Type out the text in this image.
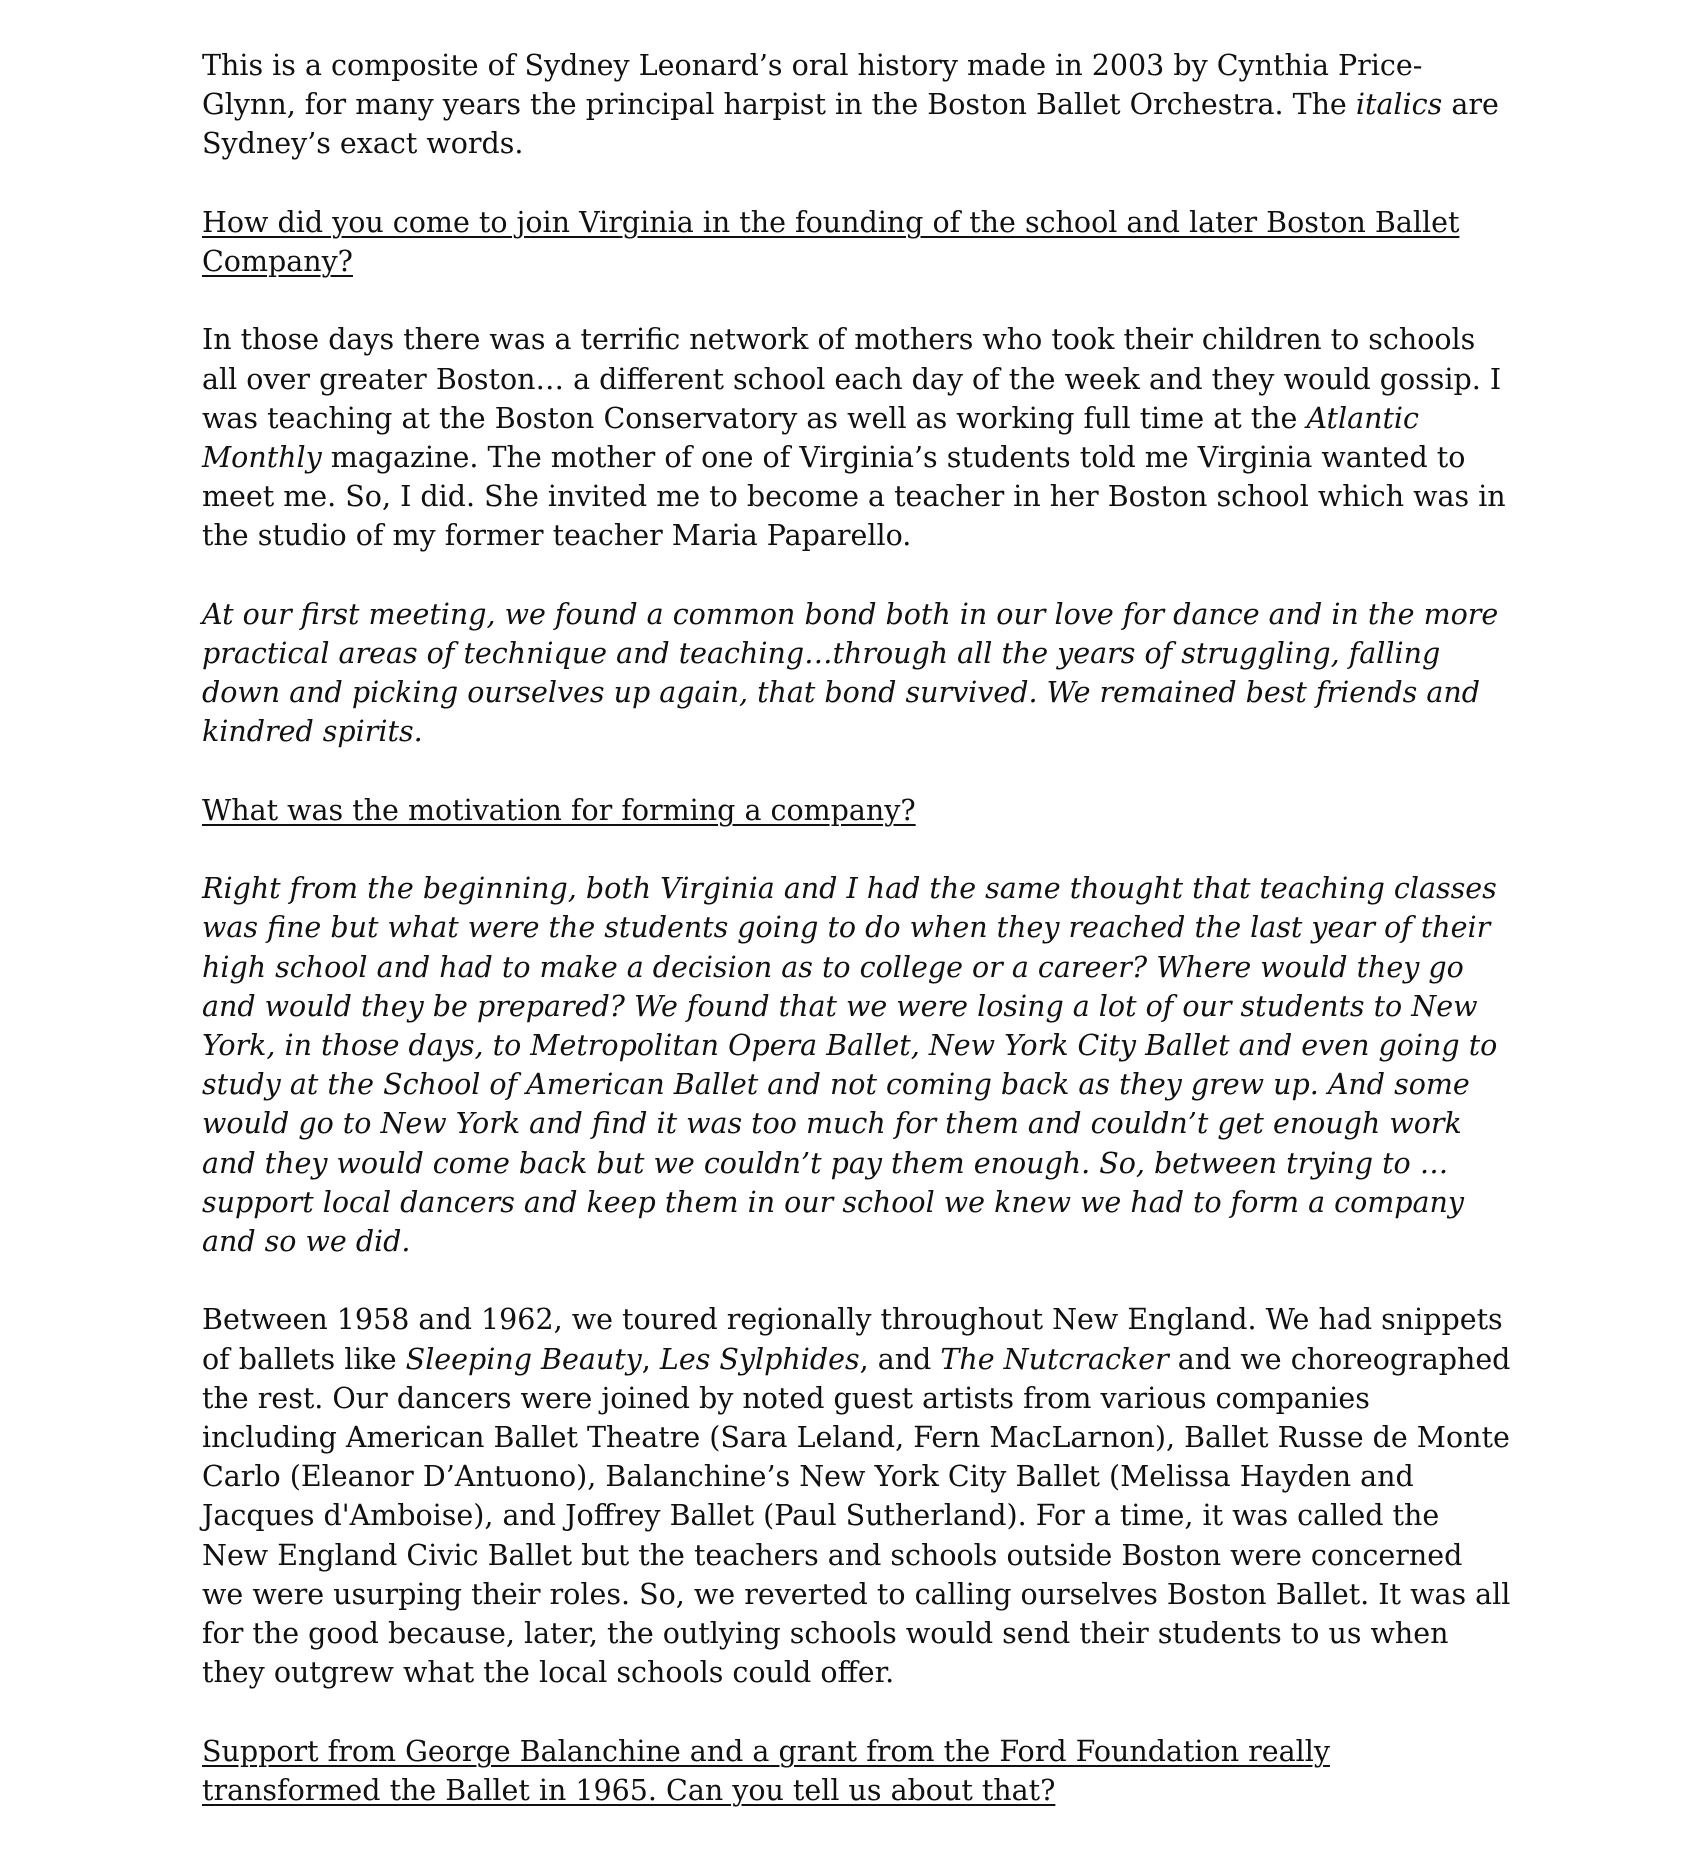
This is a composite of Sydney Leonard’s oral history made in 2003 by Cynthia Price-Glynn, for many years the principal harpist in the Boston Ballet Orchestra. The italics are Sydney’s exact words.

How did you come to join Virginia in the founding of the school and later Boston Ballet Company?

In those days there was a terrific network of mothers who took their children to schools all over greater Boston… a different school each day of the week and they would gossip. I was teaching at the Boston Conservatory as well as working full time at the Atlantic Monthly magazine. The mother of one of Virginia’s students told me Virginia wanted to meet me. So, I did. She invited me to become a teacher in her Boston school which was in the studio of my former teacher Maria Paparello.

At our first meeting, we found a common bond both in our love for dance and in the more practical areas of technique and teaching…through all the years of struggling, falling down and picking ourselves up again, that bond survived. We remained best friends and kindred spirits.

What was the motivation for forming a company?

Right from the beginning, both Virginia and I had the same thought that teaching classes was fine but what were the students going to do when they reached the last year of their high school and had to make a decision as to college or a career? Where would they go and would they be prepared? We found that we were losing a lot of our students to New York, in those days, to Metropolitan Opera Ballet, New York City Ballet and even going to study at the School of American Ballet and not coming back as they grew up. And some would go to New York and find it was too much for them and couldn’t get enough work and they would come back but we couldn’t pay them enough. So, between trying to …support local dancers and keep them in our school we knew we had to form a company and so we did.

Between 1958 and 1962, we toured regionally throughout New England. We had snippets of ballets like Sleeping Beauty, Les Sylphides, and The Nutcracker and we choreographed the rest. Our dancers were joined by noted guest artists from various companies including American Ballet Theatre (Sara Leland, Fern MacLarnon), Ballet Russe de Monte Carlo (Eleanor D’Antuono), Balanchine’s New York City Ballet (Melissa Hayden and Jacques d'Amboise), and Joffrey Ballet (Paul Sutherland). For a time, it was called the New England Civic Ballet but the teachers and schools outside Boston were concerned we were usurping their roles. So, we reverted to calling ourselves Boston Ballet. It was all for the good because, later, the outlying schools would send their students to us when they outgrew what the local schools could offer.

Support from George Balanchine and a grant from the Ford Foundation really transformed the Ballet in 1965. Can you tell us about that?
